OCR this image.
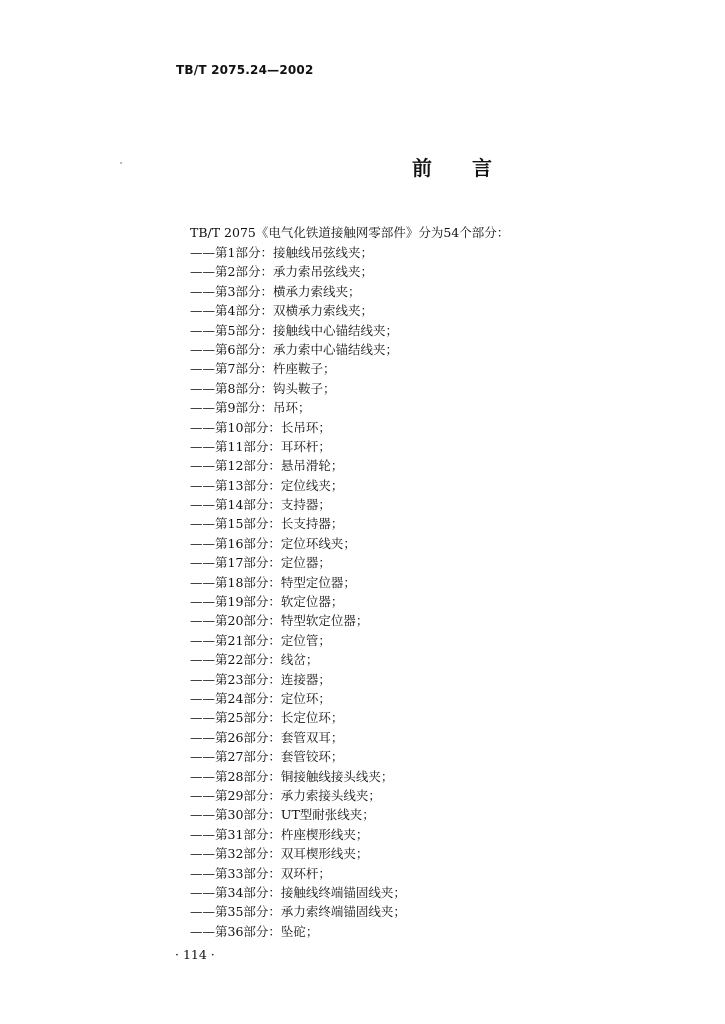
TB/T 2075.24—2002
前言
TB/T 2075《电气化铁道接触网零部件》分为54个部分：
——第1部分：接触线吊弦线夹；
——第2部分：承力索吊弦线夹；
——第3部分：横承力索线夹；
——第4部分：双横承力索线夹；
——第5部分：接触线中心锚结线夹；
——第6部分：承力索中心锚结线夹；
——第7部分：杵座鞍子；
——第8部分：钩头鞍子；
——第9部分：吊环；
——第10部分：长吊环；
——第11部分：耳环杆；
——第12部分：悬吊滑轮；
——第13部分：定位线夹；
——第14部分：支持器；
——第15部分：长支持器；
——第16部分：定位环线夹；
——第17部分：定位器；
——第18部分：特型定位器；
——第19部分：软定位器；
——第20部分：特型软定位器；
——第21部分：定位管；
——第22部分：线岔；
——第23部分：连接器；
——第24部分：定位环；
——第25部分：长定位环；
——第26部分：套管双耳；
——第27部分：套管铰环；
——第28部分：铜接触线接头线夹；
——第29部分：承力索接头线夹；
——第30部分：UT型耐张线夹；
——第31部分：杵座楔形线夹；
——第32部分：双耳楔形线夹；
——第33部分：双环杆；
——第34部分：接触线终端锚固线夹；
——第35部分：承力索终端锚固线夹；
——第36部分：坠砣；
· 114 ·
